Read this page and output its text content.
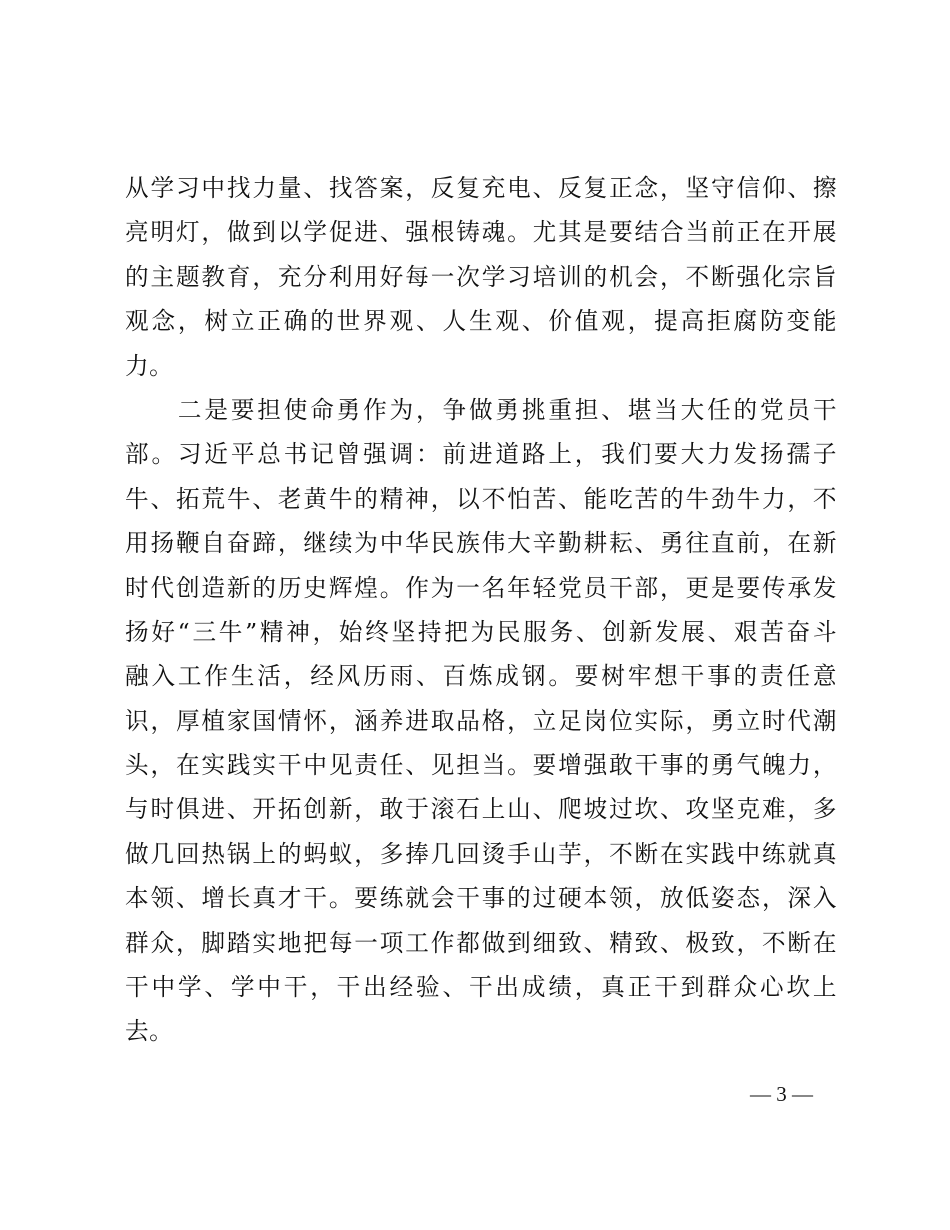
从学习中找力量、找答案，反复充电、反复正念，坚守信仰、擦
亮明灯，做到以学促进、强根铸魂。尤其是要结合当前正在开展
的主题教育，充分利用好每一次学习培训的机会，不断强化宗旨
观念，树立正确的世界观、人生观、价值观，提高拒腐防变能
力。
　　二是要担使命勇作为，争做勇挑重担、堪当大任的党员干
部。习近平总书记曾强调：前进道路上，我们要大力发扬孺子
牛、拓荒牛、老黄牛的精神，以不怕苦、能吃苦的牛劲牛力，不
用扬鞭自奋蹄，继续为中华民族伟大辛勤耕耘、勇往直前，在新
时代创造新的历史辉煌。作为一名年轻党员干部，更是要传承发
扬好“三牛”精神，始终坚持把为民服务、创新发展、艰苦奋斗
融入工作生活，经风历雨、百炼成钢。要树牢想干事的责任意
识，厚植家国情怀，涵养进取品格，立足岗位实际，勇立时代潮
头，在实践实干中见责任、见担当。要增强敢干事的勇气魄力，
与时俱进、开拓创新，敢于滚石上山、爬坡过坎、攻坚克难，多
做几回热锅上的蚂蚁，多捧几回烫手山芋，不断在实践中练就真
本领、增长真才干。要练就会干事的过硬本领，放低姿态，深入
群众，脚踏实地把每一项工作都做到细致、精致、极致，不断在
干中学、学中干，干出经验、干出成绩，真正干到群众心坎上
去。
— 3 —
